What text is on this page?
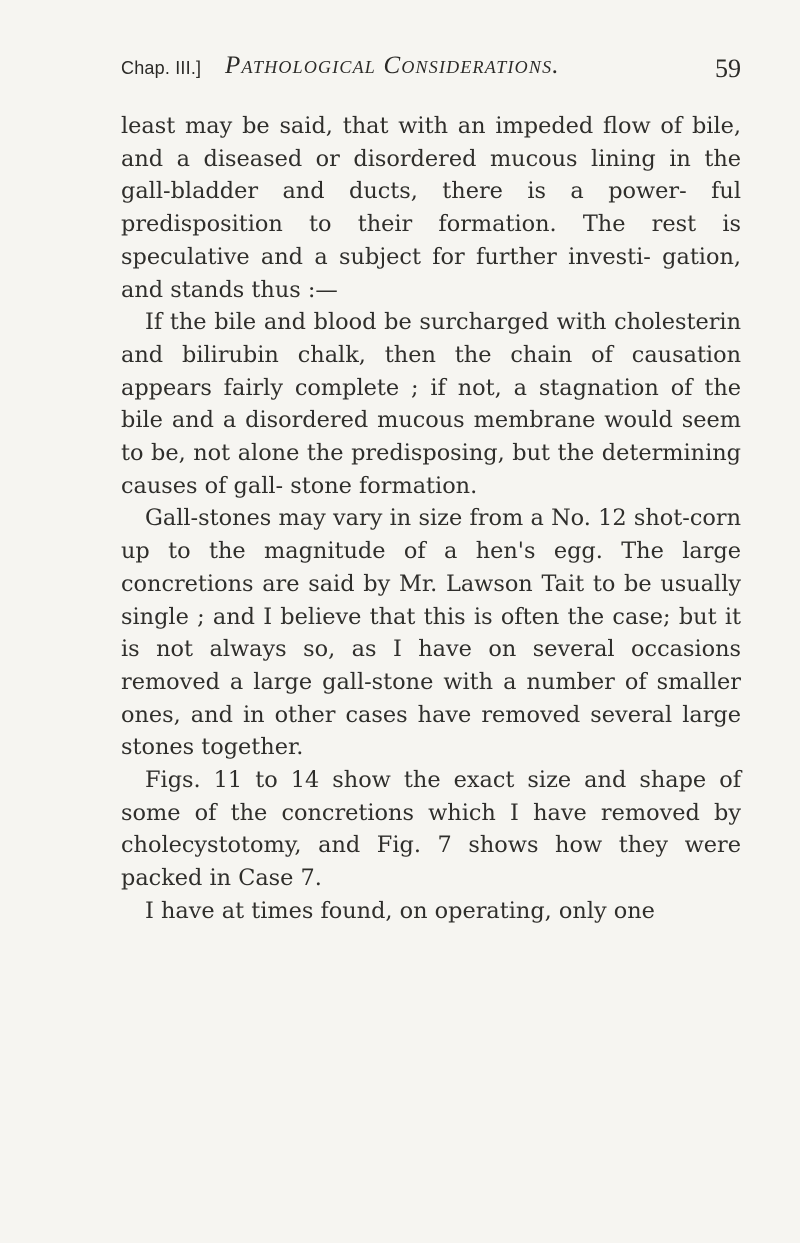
Chap. III.] Pathological Considerations.	59

least may be said, that with an impeded flow of bile, and a diseased or disordered mucous lining in the gall-bladder and ducts, there is a power- ful predisposition to their formation. The rest is speculative and a subject for further investi- gation, and stands thus :—

If the bile and blood be surcharged with cholesterin and bilirubin chalk, then the chain of causation appears fairly complete ; if not, a stagnation of the bile and a disordered mucous membrane would seem to be, not alone the predisposing, but the determining causes of gall- stone formation.

Gall-stones may vary in size from a No. 12 shot-corn up to the magnitude of a hen's egg. The large concretions are said by Mr. Lawson Tait to be usually single ; and I believe that this is often the case; but it is not always so, as I have on several occasions removed a large gall-stone with a number of smaller ones, and in other cases have removed several large stones together.

Figs. 11 to 14 show the exact size and shape of some of the concretions which I have removed by cholecystotomy, and Fig. 7 shows how they were packed in Case 7.

I have at times found, on operating, only one
